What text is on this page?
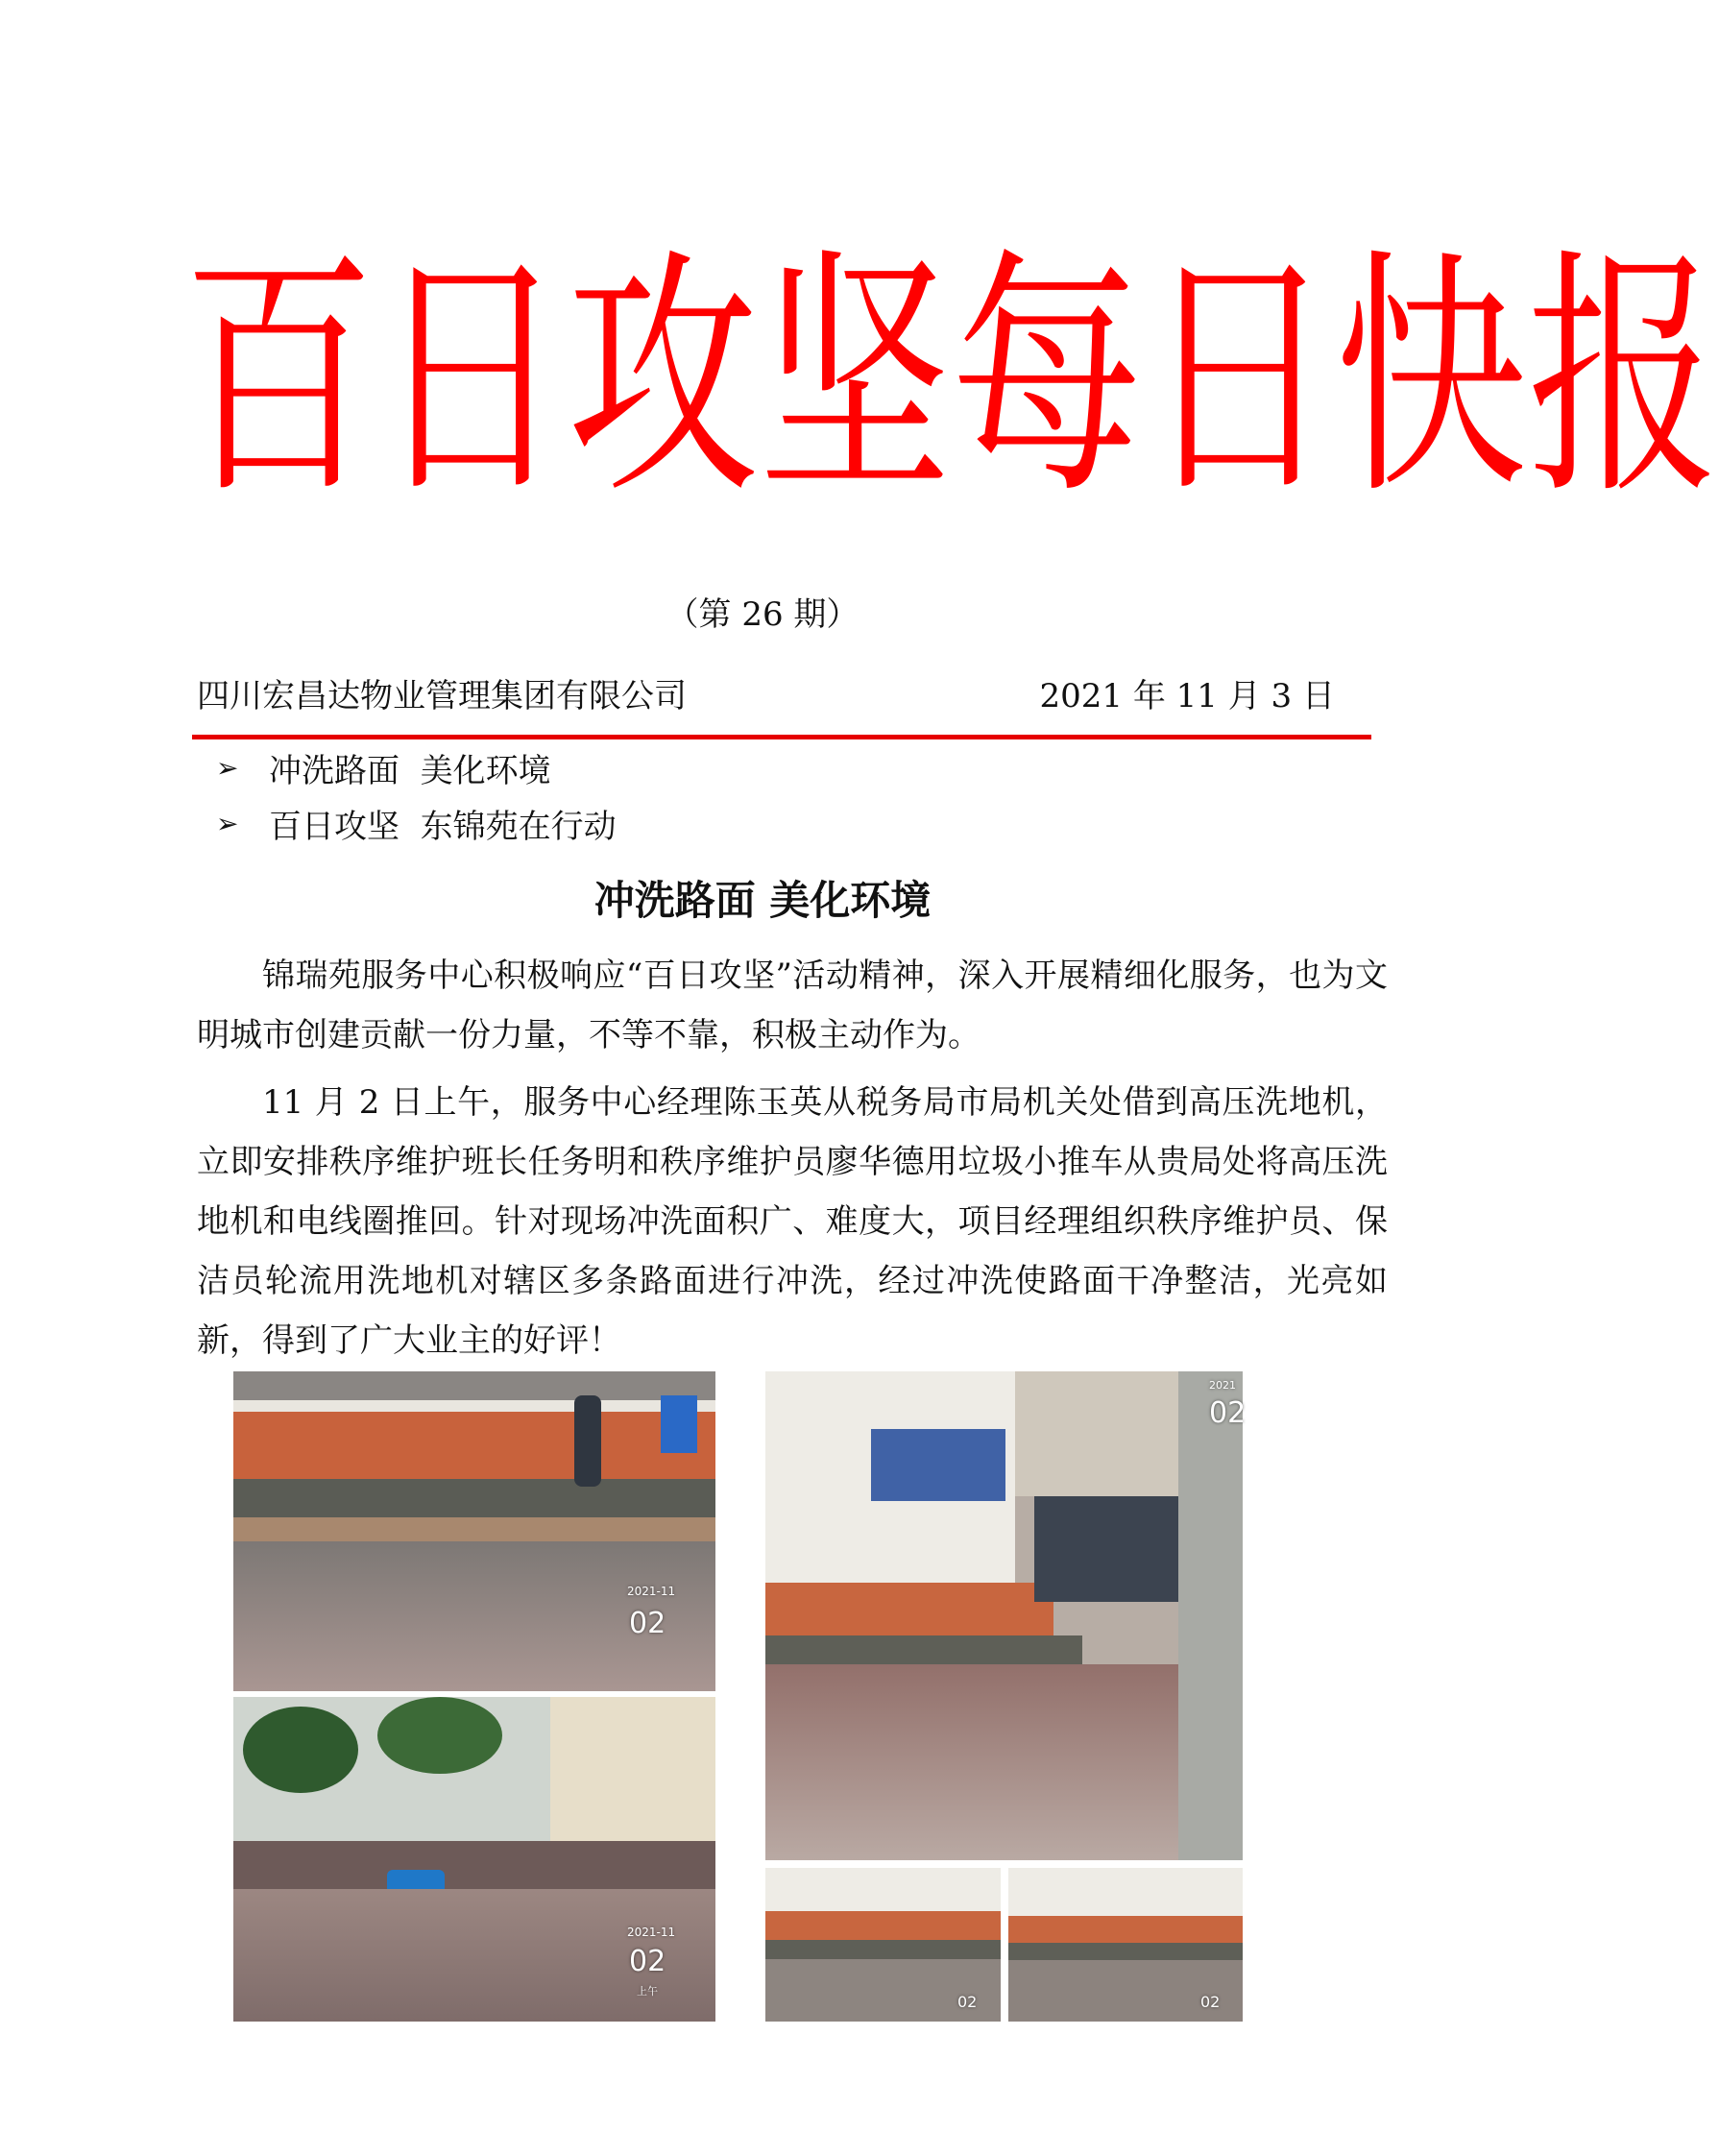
百 日 攻 坚 每 日 快 报
（第 26 期）
四川宏昌达物业管理集团有限公司	2021 年 11 月 3 日
➢ 冲洗路面  美化环境
➢ 百日攻坚  东锦苑在行动
冲洗路面 美化环境

锦瑞苑服务中心积极响应“百日攻坚”活动精神，深入开展精细化服务，也为文明城市创建贡献一份力量，不等不靠，积极主动作为。

11 月 2 日上午，服务中心经理陈玉英从税务局市局机关处借到高压洗地机，立即安排秩序维护班长任务明和秩序维护员廖华德用垃圾小推车从贵局处将高压洗地机和电线圈推回。针对现场冲洗面积广、难度大，项目经理组织秩序维护员、保洁员轮流用洗地机对辖区多条路面进行冲洗，经过冲洗使路面干净整洁，光亮如新，得到了广大业主的好评！

2021-11
02
2021-11
02
上午
2021
02
02	02
